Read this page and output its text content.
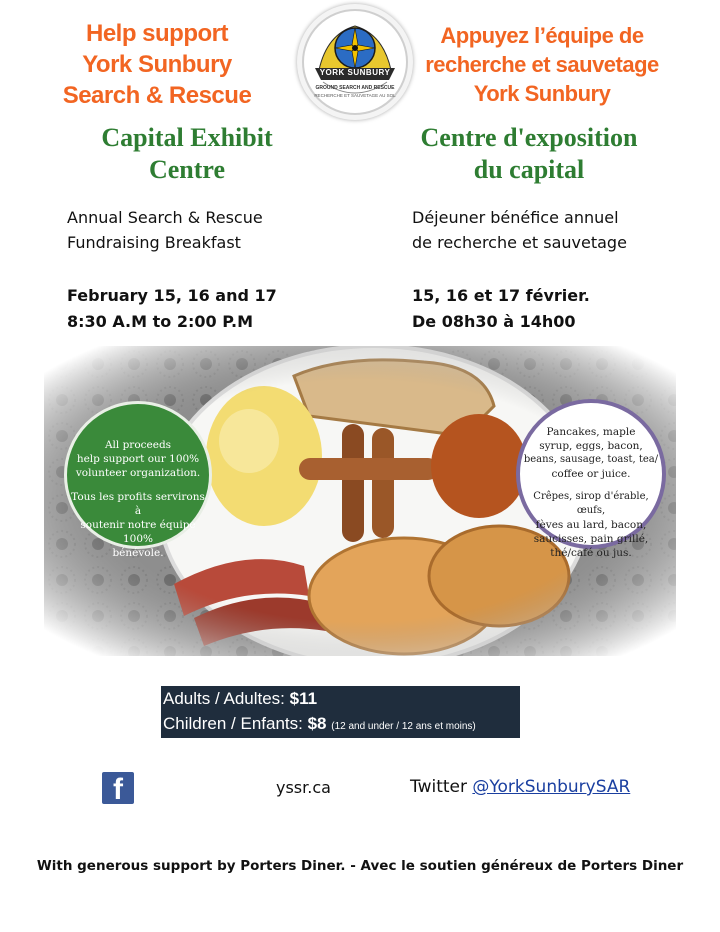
Help support
York Sunbury
Search & Rescue
YORK SUNBURY
GROUND SEARCH AND RESCUE
RECHERCHE ET SAUVETAGE AU SOL
Appuyez l’équipe de
recherche et sauvetage
York Sunbury
Capital Exhibit
Centre
Centre d'exposition
du capital
Annual Search & Rescue
Fundraising Breakfast
Déjeuner bénéfice annuel
de recherche et sauvetage
February 15, 16 and 17
8:30 A.M to 2:00 P.M
15, 16 et 17 février.
De 08h30 à 14h00
All proceeds
help support our 100%
volunteer organization.
Tous les profits servirons à
soutenir notre équipe 100%
bénévole.
Pancakes, maple
syrup, eggs, bacon,
beans, sausage, toast, tea/
coffee or juice.
Crêpes, sirop d'érable, œufs,
fèves au lard, bacon,
saucisses, pain grillé,
thé/café ou jus.
Adults / Adultes: $11
Children / Enfants: $8 (12 and under / 12 ans et moins)
f	yssr.ca	Twitter @YorkSunburySAR
With generous support by Porters Diner. - Avec le soutien généreux de Porters Diner
